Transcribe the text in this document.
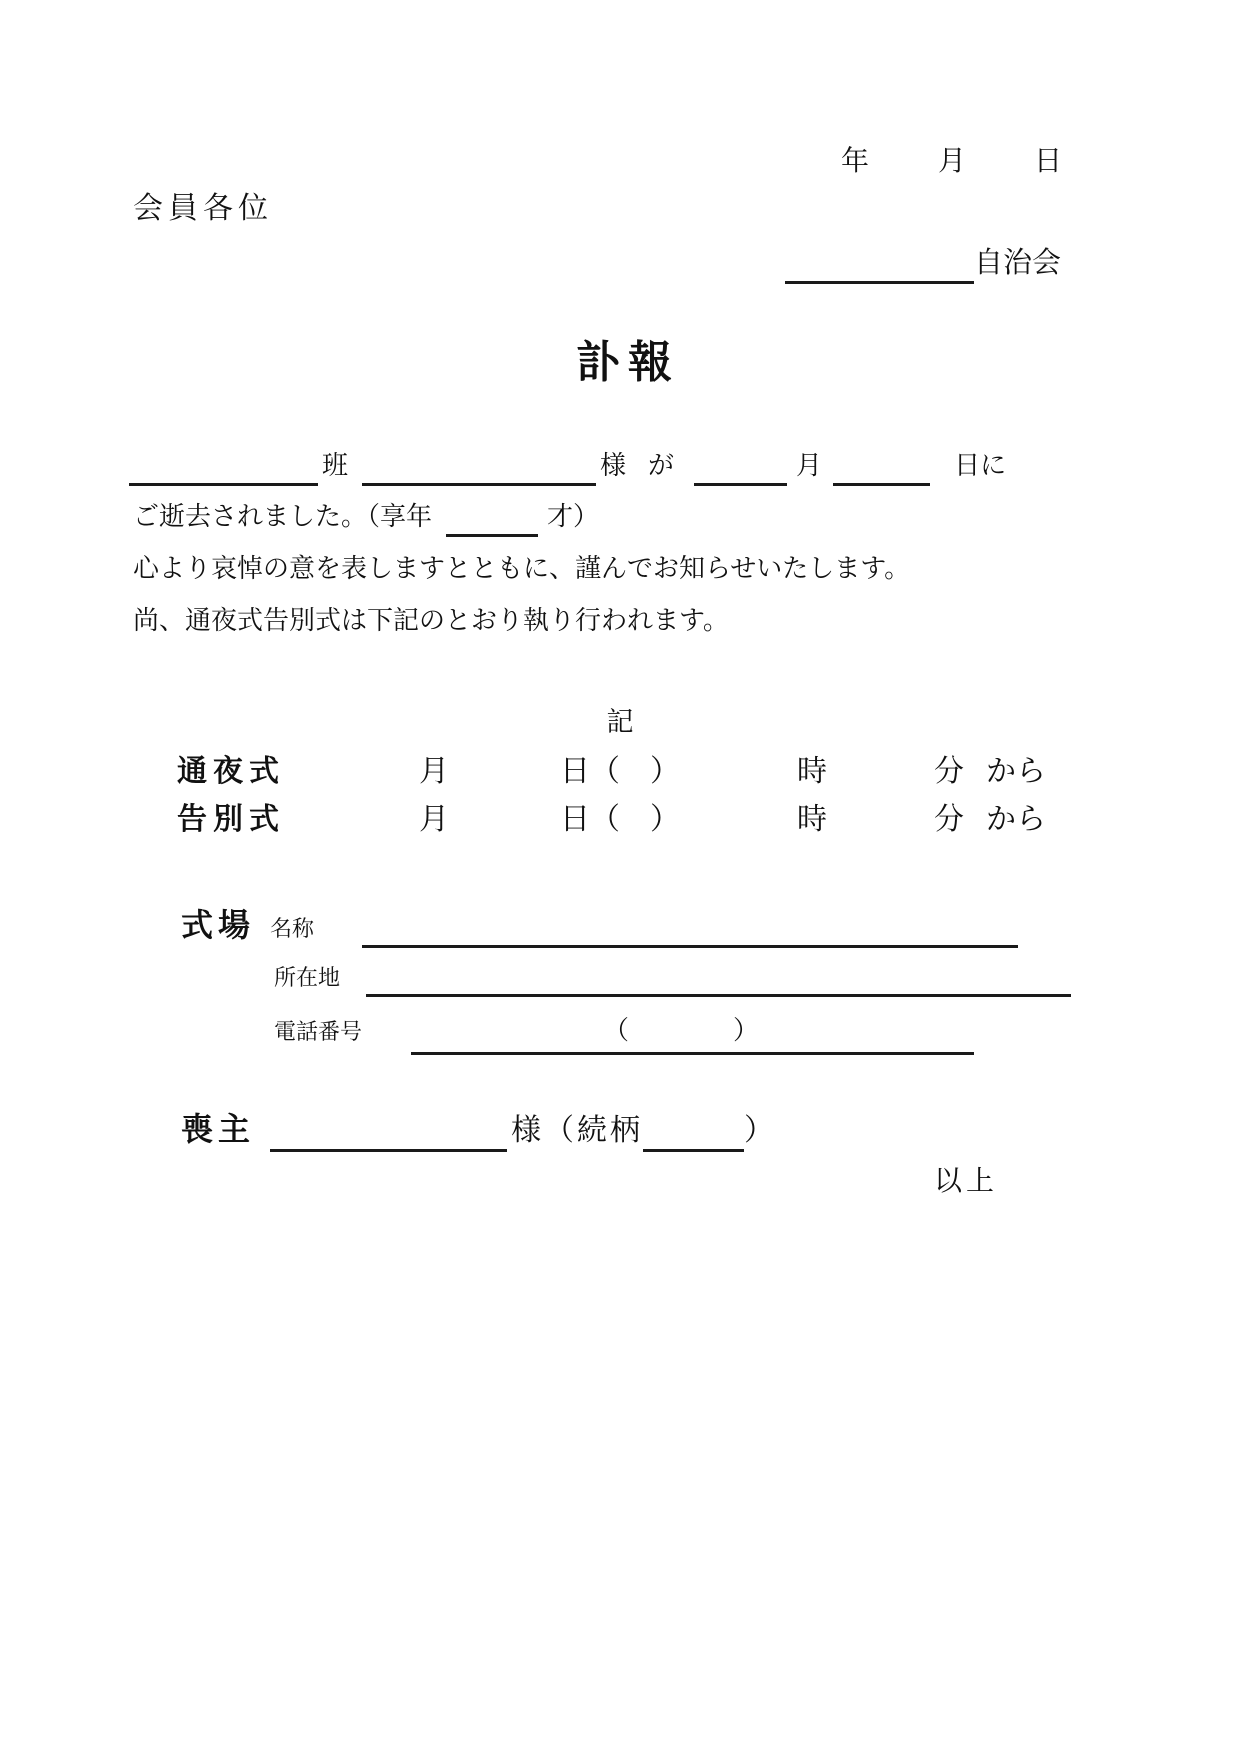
年 月 日
会員各位
自治会
訃報
班	様 が	月	日に
ご逝去されました。（享年	才）
心より哀悼の意を表しますとともに、謹んでお知らせいたします。
尚、通夜式告別式は下記のとおり執り行われます。
記
通夜式	月	日（　）	時	分 から
告別式	月	日（　）	時	分 から
式場 名称
所在地
電話番号	（　　　　）
喪主	様（続柄	）
以上
